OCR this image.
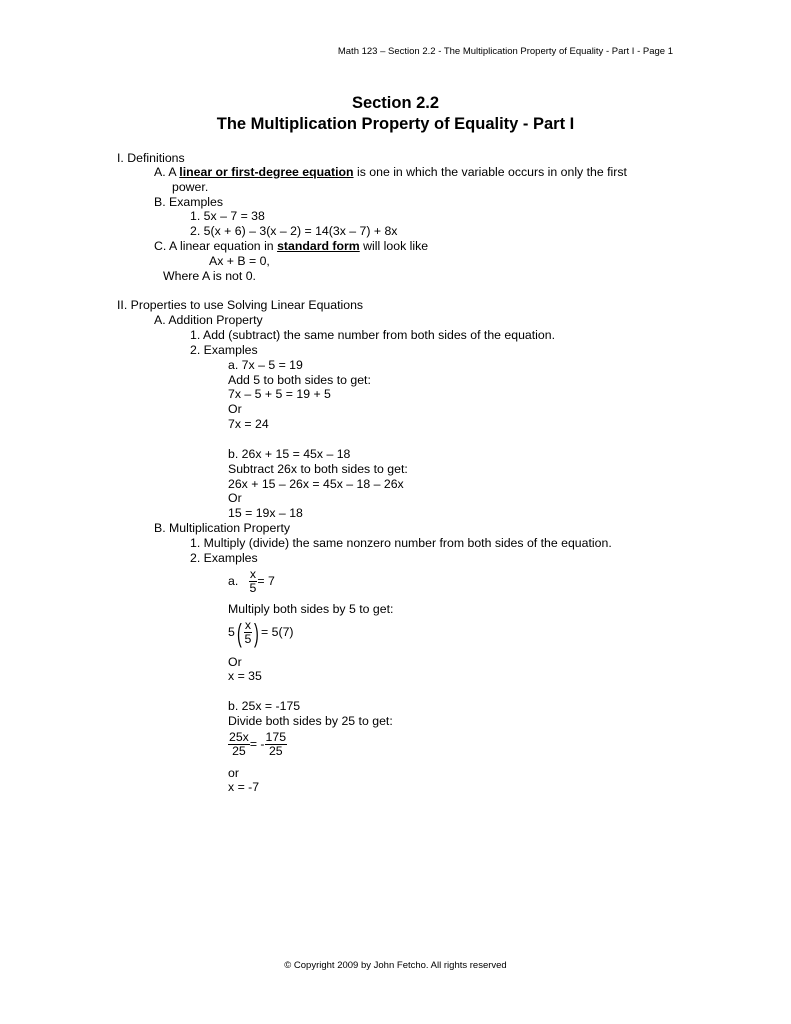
Math 123 – Section 2.2 - The Multiplication Property of Equality - Part I - Page 1
Section 2.2
The Multiplication Property of Equality - Part I
I. Definitions
A. A linear or first-degree equation is one in which the variable occurs in only the first
power.
B. Examples
1. 5x – 7 = 38
2. 5(x + 6) – 3(x – 2) = 14(3x – 7) + 8x
C. A linear equation in standard form will look like
Ax + B = 0,
Where A is not 0.
II. Properties to use Solving Linear Equations
A. Addition Property
1. Add (subtract) the same number from both sides of the equation.
2. Examples
a. 7x – 5 = 19
Add 5 to both sides to get:
7x – 5 + 5 = 19 + 5
Or
7x = 24
b. 26x + 15 = 45x – 18
Subtract 26x to both sides to get:
26x + 15 – 26x = 45x – 18 – 26x
Or
15 = 19x – 18
B. Multiplication Property
1. Multiply (divide) the same nonzero number from both sides of the equation.
2. Examples
a. $\frac{x}{5} = 7$
Multiply both sides by 5 to get:
$5( \frac{x}{5}$ ) = 5(7)
Or
x = 35
b. 25x = -175
Divide both sides by 25 to get:
$\frac{25x}{25}$ = - $\frac{175}{25}$
or
x = -7
© Copyright 2009 by John Fetcho. All rights reserved
